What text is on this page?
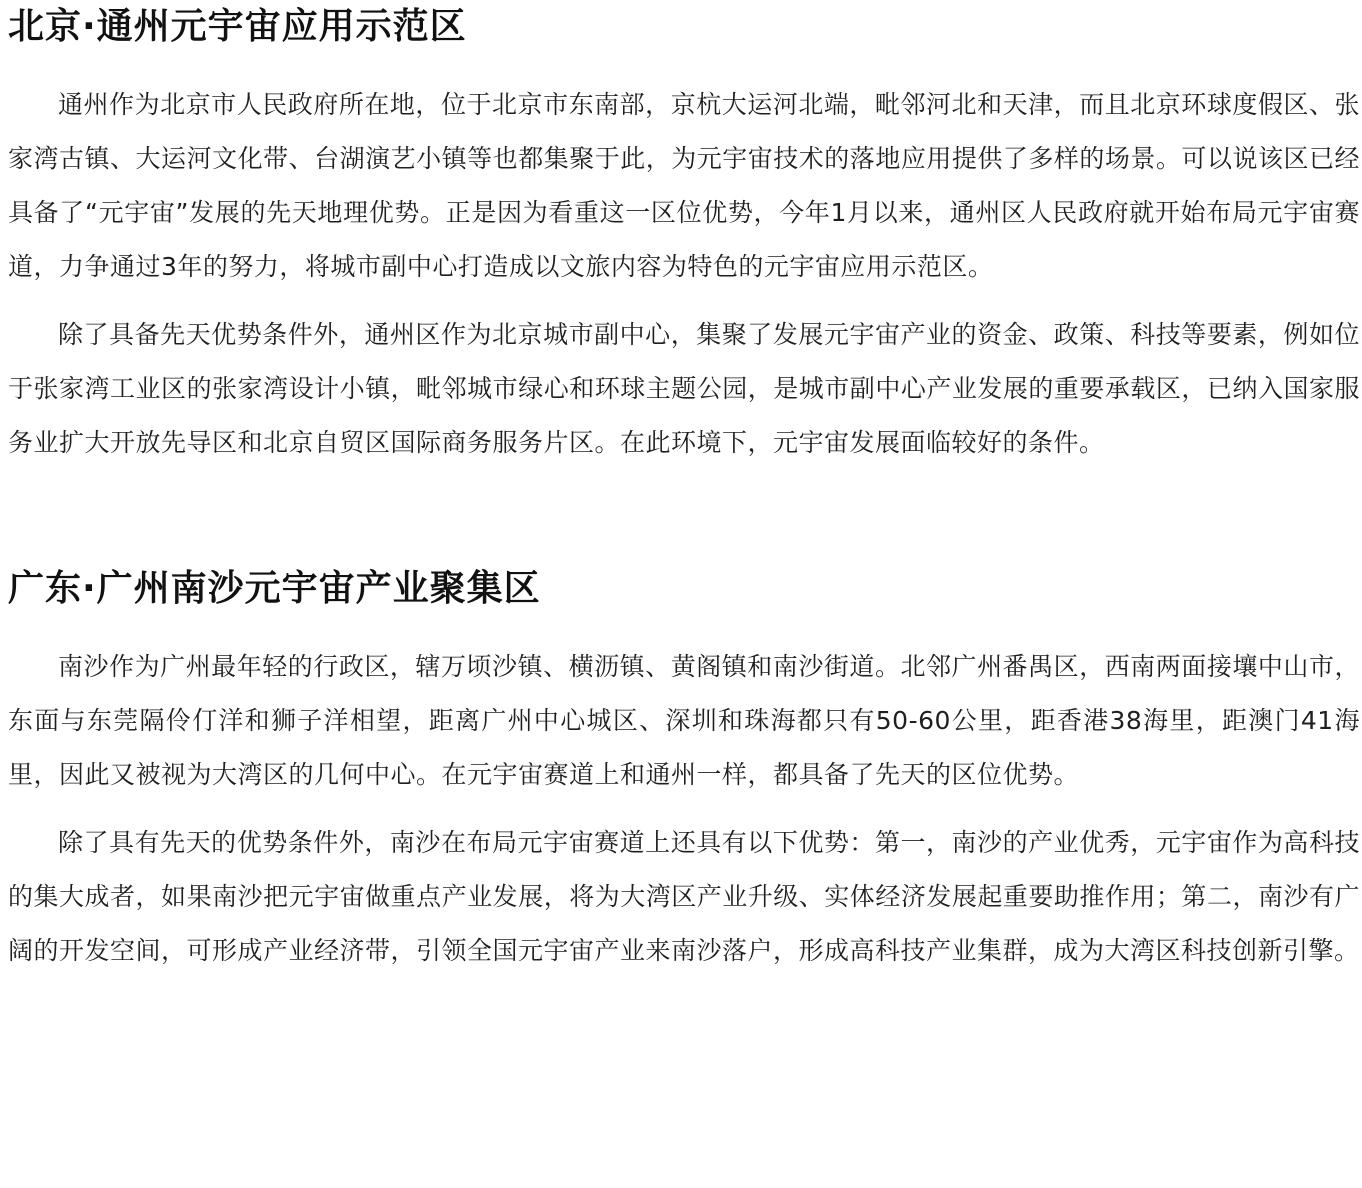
北京·通州元宇宙应用示范区

通州作为北京市人民政府所在地，位于北京市东南部，京杭大运河北端，毗邻河北和天津，而且北京环球度假区、张家湾古镇、大运河文化带、台湖演艺小镇等也都集聚于此，为元宇宙技术的落地应用提供了多样的场景。可以说该区已经具备了“元宇宙”发展的先天地理优势。正是因为看重这一区位优势，今年1月以来，通州区人民政府就开始布局元宇宙赛道，力争通过3年的努力，将城市副中心打造成以文旅内容为特色的元宇宙应用示范区。

除了具备先天优势条件外，通州区作为北京城市副中心，集聚了发展元宇宙产业的资金、政策、科技等要素，例如位于张家湾工业区的张家湾设计小镇，毗邻城市绿心和环球主题公园，是城市副中心产业发展的重要承载区，已纳入国家服务业扩大开放先导区和北京自贸区国际商务服务片区。在此环境下，元宇宙发展面临较好的条件。

广东·广州南沙元宇宙产业聚集区

南沙作为广州最年轻的行政区，辖万顷沙镇、横沥镇、黄阁镇和南沙街道。北邻广州番禺区，西南两面接壤中山市，东面与东莞隔伶仃洋和狮子洋相望，距离广州中心城区、深圳和珠海都只有50-60公里，距香港38海里，距澳门41海里，因此又被视为大湾区的几何中心。在元宇宙赛道上和通州一样，都具备了先天的区位优势。

除了具有先天的优势条件外，南沙在布局元宇宙赛道上还具有以下优势：第一，南沙的产业优秀，元宇宙作为高科技的集大成者，如果南沙把元宇宙做重点产业发展，将为大湾区产业升级、实体经济发展起重要助推作用；第二，南沙有广阔的开发空间，可形成产业经济带，引领全国元宇宙产业来南沙落户，形成高科技产业集群，成为大湾区科技创新引擎。
